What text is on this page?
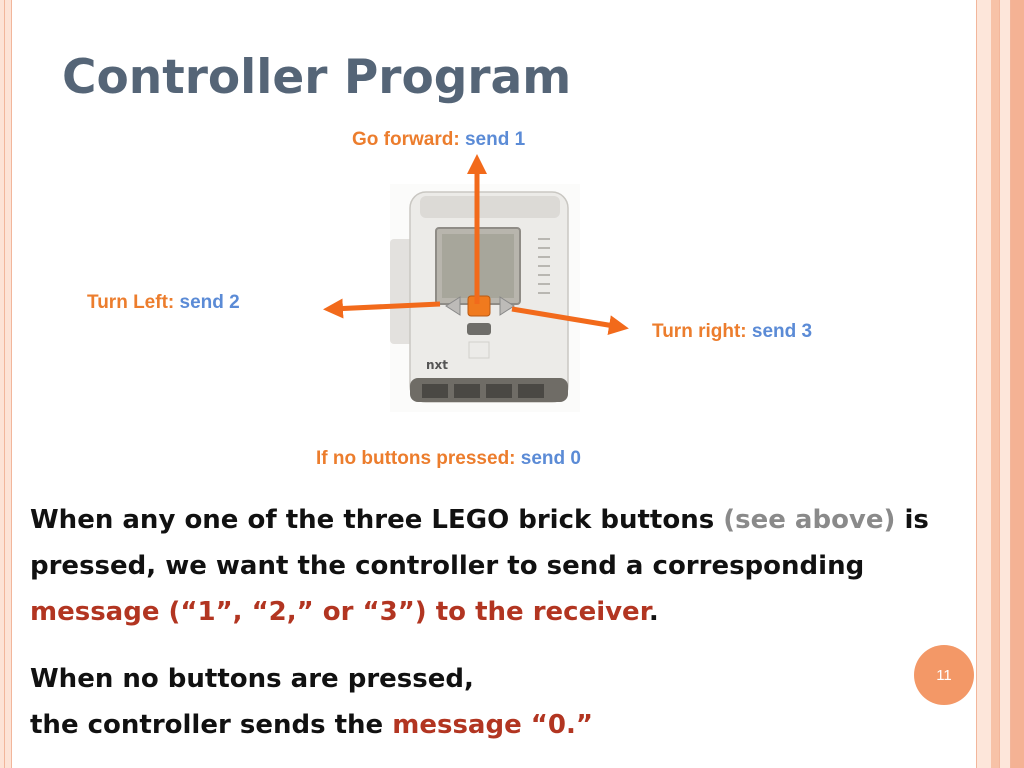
Controller Program
Go forward: send 1
Turn Left: send 2
Turn right: send 3
If no buttons pressed: send 0
nxt

When any one of the three LEGO brick buttons (see above) is pressed, we want the controller to send a corresponding message (“1”, “2,” or “3”) to the receiver.

When no buttons are pressed,
the controller sends the message “0.”

11
